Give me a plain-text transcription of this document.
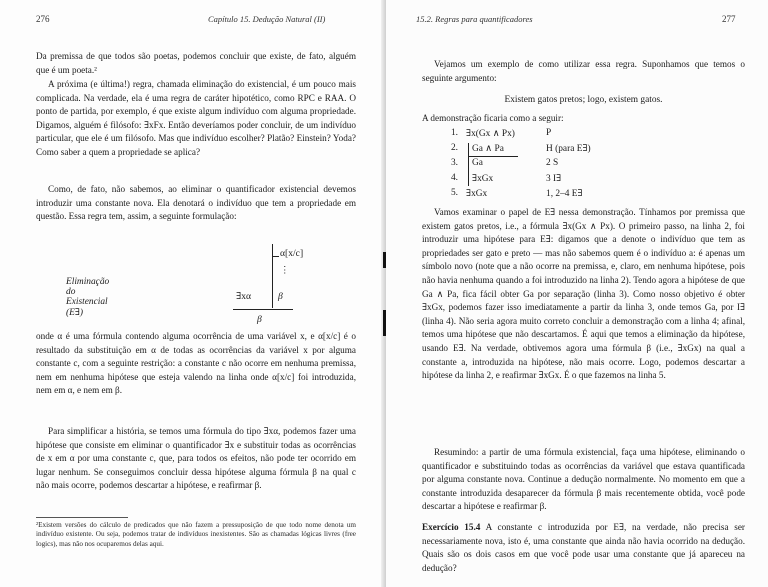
276	Capítulo 15. Dedução Natural (II)

Da premissa de que todos são poetas, podemos concluir que existe, de fato, alguém que é um poeta.²

A próxima (e última!) regra, chamada eliminação do existencial, é um pouco mais complicada. Na verdade, ela é uma regra de caráter hipotético, como RPC e RAA. O ponto de partida, por exemplo, é que existe algum indivíduo com alguma propriedade. Digamos, alguém é filósofo: ∃xFx. Então deveríamos poder concluir, de um indivíduo particular, que ele é um filósofo. Mas que indivíduo escolher? Platão? Einstein? Yoda? Como saber a quem a propriedade se aplica?

Como, de fato, não sabemos, ao eliminar o quantificador existencial devemos introduzir uma constante nova. Ela denotará o indivíduo que tem a propriedade em questão. Essa regra tem, assim, a seguinte formulação:

Eliminação do Existencial (E∃)
α[x/c]
⋮
∃xα	β
β

onde α é uma fórmula contendo alguma ocorrência de uma variável x, e α[x/c] é o resultado da substituição em α de todas as ocorrências da variável x por alguma constante c, com a seguinte restrição: a constante c não ocorre em nenhuma premissa, nem em nenhuma hipótese que esteja valendo na linha onde α[x/c] foi introduzida, nem em α, e nem em β.

Para simplificar a história, se temos uma fórmula do tipo ∃xα, podemos fazer uma hipótese que consiste em eliminar o quantificador ∃x e substituir todas as ocorrências de x em α por uma constante c, que, para todos os efeitos, não pode ter ocorrido em lugar nenhum. Se conseguimos concluir dessa hipótese alguma fórmula β na qual c não mais ocorre, podemos descartar a hipótese, e reafirmar β.

²Existem versões do cálculo de predicados que não fazem a pressuposição de que todo nome denota um indivíduo existente. Ou seja, podemos tratar de indivíduos inexistentes. São as chamadas lógicas livres (free logics), mas não nos ocuparemos delas aqui.

15.2. Regras para quantificadores	277

Vejamos um exemplo de como utilizar essa regra. Suponhamos que temos o seguinte argumento:

Existem gatos pretos; logo, existem gatos.

A demonstração ficaria como a seguir:

1. ∃x(Gx ∧ Px)	P
2. Ga ∧ Pa	H (para E∃)
3. Ga	2 S
4. ∃xGx	3 I∃
5. ∃xGx	1, 2–4 E∃

Vamos examinar o papel de E∃ nessa demonstração. Tínhamos por premissa que existem gatos pretos, i.e., a fórmula ∃x(Gx ∧ Px). O primeiro passo, na linha 2, foi introduzir uma hipótese para E∃: digamos que a denote o indivíduo que tem as propriedades ser gato e preto — mas não sabemos quem é o indivíduo a: é apenas um símbolo novo (note que a não ocorre na premissa, e, claro, em nenhuma hipótese, pois não havia nenhuma quando a foi introduzido na linha 2). Tendo agora a hipótese de que Ga ∧ Pa, fica fácil obter Ga por separação (linha 3). Como nosso objetivo é obter ∃xGx, podemos fazer isso imediatamente a partir da linha 3, onde temos Ga, por I∃ (linha 4). Não seria agora muito correto concluir a demonstração com a linha 4; afinal, temos uma hipótese que não descartamos. É aqui que temos a eliminação da hipótese, usando E∃. Na verdade, obtivemos agora uma fórmula β (i.e., ∃xGx) na qual a constante a, introduzida na hipótese, não mais ocorre. Logo, podemos descartar a hipótese da linha 2, e reafirmar ∃xGx. É o que fazemos na linha 5.

Resumindo: a partir de uma fórmula existencial, faça uma hipótese, eliminando o quantificador e substituindo todas as ocorrências da variável que estava quantificada por alguma constante nova. Continue a dedução normalmente. No momento em que a constante introduzida desaparecer da fórmula β mais recentemente obtida, você pode descartar a hipótese e reafirmar β.

Exercício 15.4 A constante c introduzida por E∃, na verdade, não precisa ser necessariamente nova, isto é, uma constante que ainda não havia ocorrido na dedução. Quais são os dois casos em que você pode usar uma constante que já apareceu na dedução?
